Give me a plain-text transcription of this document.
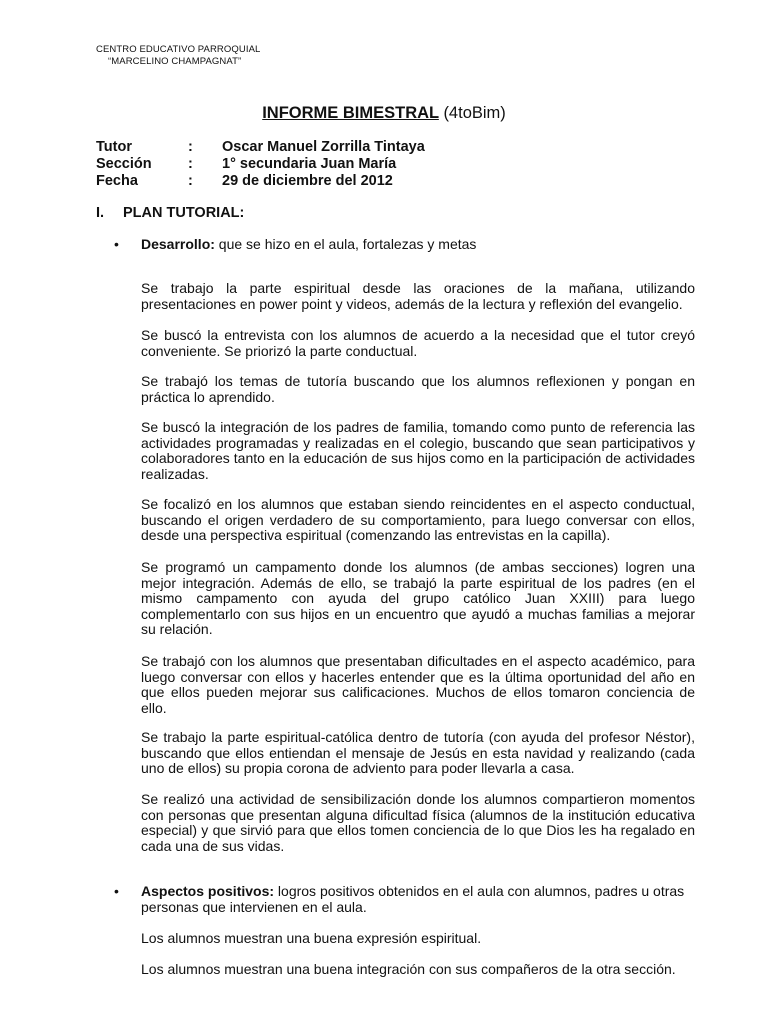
CENTRO EDUCATIVO PARROQUIAL
“MARCELINO CHAMPAGNAT”
INFORME BIMESTRAL (4toBim)
Tutor	:	Oscar Manuel Zorrilla Tintaya
Sección	:	1° secundaria Juan María
Fecha	:	29 de diciembre del 2012
I. PLAN TUTORIAL:
• Desarrollo: que se hizo en el aula, fortalezas y metas

Se trabajo la parte espiritual desde las oraciones de la mañana, utilizando presentaciones en power point y videos, además de la lectura y reflexión del evangelio.

Se buscó la entrevista con los alumnos de acuerdo a la necesidad que el tutor creyó conveniente. Se priorizó la parte conductual.

Se trabajó los temas de tutoría buscando que los alumnos reflexionen y pongan en práctica lo aprendido.

Se buscó la integración de los padres de familia, tomando como punto de referencia las actividades programadas y realizadas en el colegio, buscando que sean participativos y colaboradores tanto en la educación de sus hijos como en la participación de actividades realizadas.

Se focalizó en los alumnos que estaban siendo reincidentes en el aspecto conductual, buscando el origen verdadero de su comportamiento, para luego conversar con ellos, desde una perspectiva espiritual (comenzando las entrevistas en la capilla).

Se programó un campamento donde los alumnos (de ambas secciones) logren una mejor integración. Además de ello, se trabajó la parte espiritual de los padres (en el mismo campamento con ayuda del grupo católico Juan XXIII) para luego complementarlo con sus hijos en un encuentro que ayudó a muchas familias a mejorar su relación.

Se trabajó con los alumnos que presentaban dificultades en el aspecto académico, para luego conversar con ellos y hacerles entender que es la última oportunidad del año en que ellos pueden mejorar sus calificaciones. Muchos de ellos tomaron conciencia de ello.

Se trabajo la parte espiritual-católica dentro de tutoría (con ayuda del profesor Néstor), buscando que ellos entiendan el mensaje de Jesús en esta navidad y realizando (cada uno de ellos) su propia corona de adviento para poder llevarla a casa.

Se realizó una actividad de sensibilización donde los alumnos compartieron momentos con personas que presentan alguna dificultad física (alumnos de la institución educativa especial) y que sirvió para que ellos tomen conciencia de lo que Dios les ha regalado en cada una de sus vidas.

• Aspectos positivos: logros positivos obtenidos en el aula con alumnos, padres u otras personas que intervienen en el aula.
Los alumnos muestran una buena expresión espiritual.
Los alumnos muestran una buena integración con sus compañeros de la otra sección.
